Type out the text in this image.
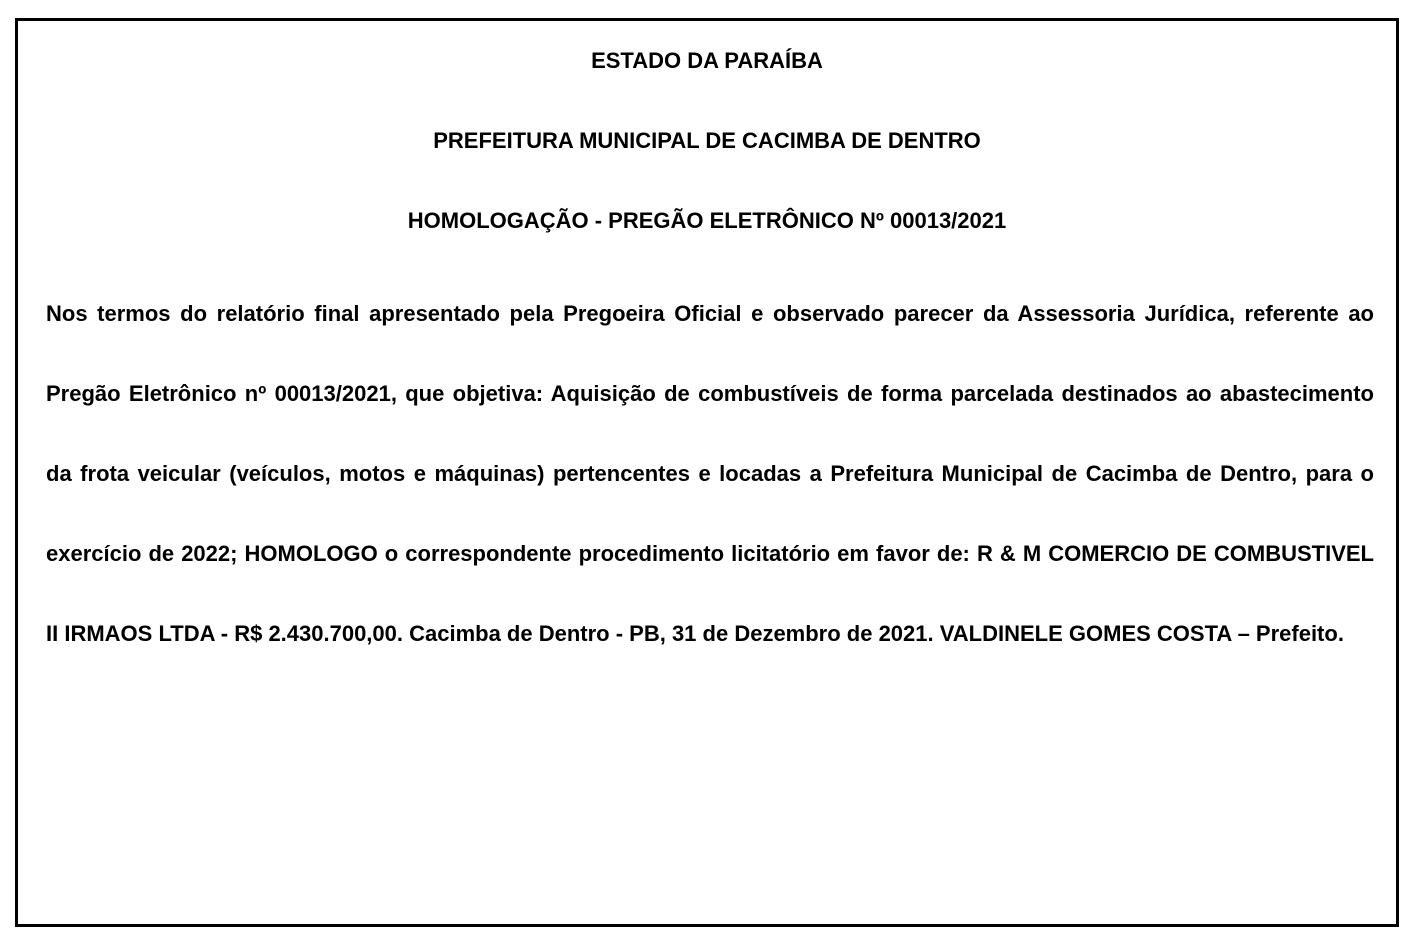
ESTADO DA PARAÍBA

PREFEITURA MUNICIPAL DE CACIMBA DE DENTRO

HOMOLOGAÇÃO - PREGÃO ELETRÔNICO Nº 00013/2021

Nos termos do relatório final apresentado pela Pregoeira Oficial e observado parecer da Assessoria Jurídica, referente ao Pregão Eletrônico nº 00013/2021, que objetiva: Aquisição de combustíveis de forma parcelada destinados ao abastecimento da frota veicular (veículos, motos e máquinas) pertencentes e locadas a Prefeitura Municipal de Cacimba de Dentro, para o exercício de 2022; HOMOLOGO o correspondente procedimento licitatório em favor de: R & M COMERCIO DE COMBUSTIVEL II IRMAOS LTDA - R$ 2.430.700,00. Cacimba de Dentro - PB, 31 de Dezembro de 2021. VALDINELE GOMES COSTA – Prefeito.
